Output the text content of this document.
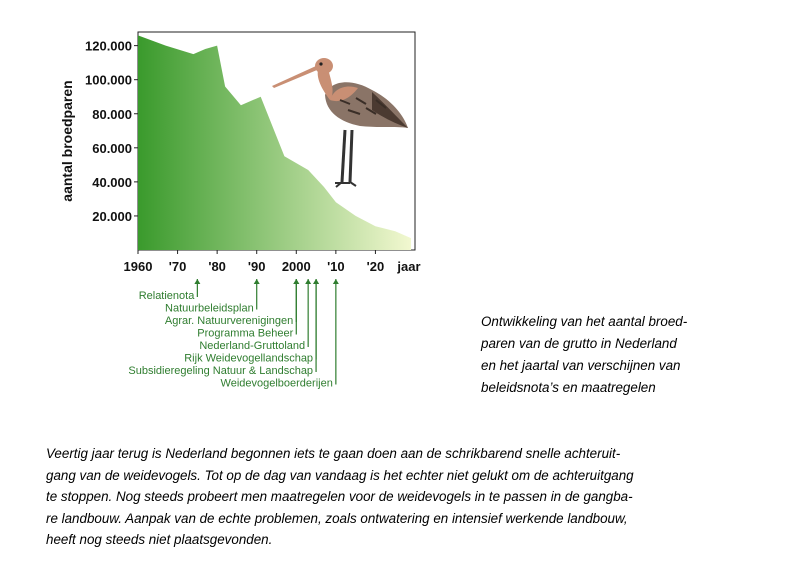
20.000
40.000
60.000
80.000
100.000
120.000
1960 '70 '80 '90 2000 '10 '20 jaar
aantal broedparen
Relatienota
Natuurbeleidsplan
Agrar. Natuurverenigingen
Programma Beheer
Nederland-Gruttoland
Rijk Weidevogellandschap
Subsidieregeling Natuur & Landschap
Weidevogelboerderijen
Ontwikkeling van het aantal broed-
paren van de grutto in Nederland
en het jaartal van verschijnen van
beleidsnota’s en maatregelen
Veertig jaar terug is Nederland begonnen iets te gaan doen aan de schrikbarend snelle achteruit-
gang van de weidevogels. Tot op de dag van vandaag is het echter niet gelukt om de achteruitgang
te stoppen. Nog steeds probeert men maatregelen voor de weidevogels in te passen in de gangba-
re landbouw. Aanpak van de echte problemen, zoals ontwatering en intensief werkende landbouw,
heeft nog steeds niet plaatsgevonden.
